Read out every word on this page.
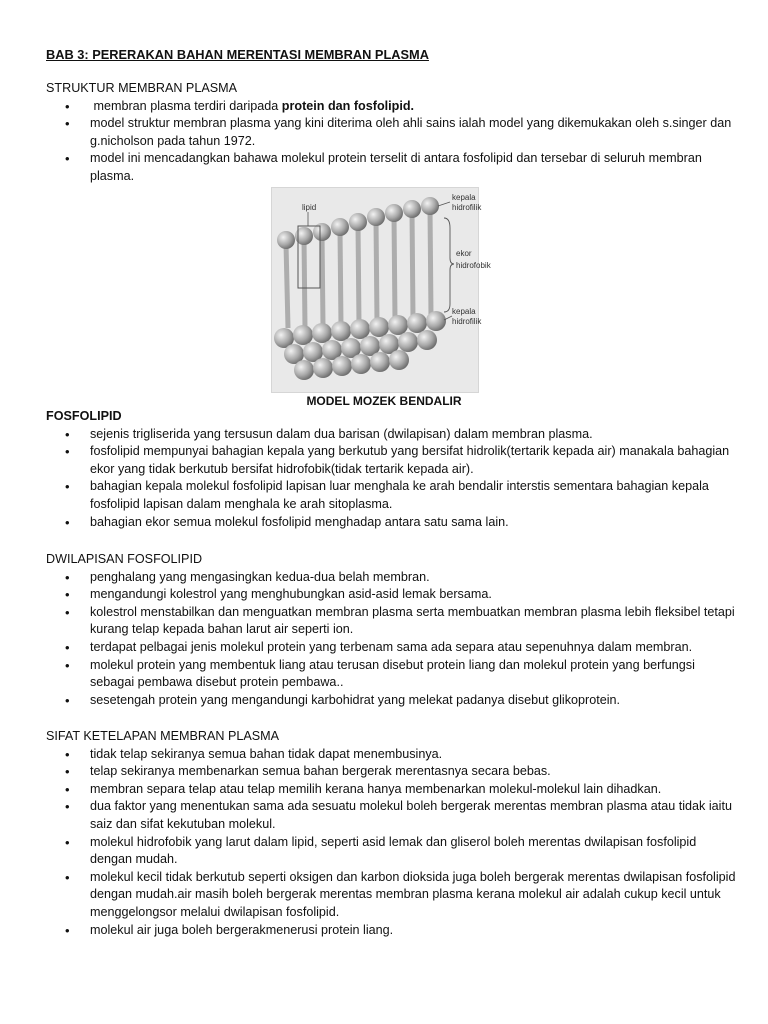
BAB 3: PERERAKAN BAHAN MERENTASI MEMBRAN PLASMA

STRUKTUR MEMBRAN PLASMA

• membran plasma terdiri daripada protein dan fosfolipid.
• model struktur membran plasma yang kini diterima oleh ahli sains ialah model yang dikemukakan oleh s.singer dan g.nicholson pada tahun 1972.
• model ini mencadangkan bahawa molekul protein terselit di antara fosfolipid dan tersebar di seluruh membran plasma.
lipid
kepala
hidrofilik
ekor
hidrofobik
kepala
hidrofilik
MODEL MOZEK BENDALIR

FOSFOLIPID

• sejenis trigliserida yang tersusun dalam dua barisan (dwilapisan) dalam membran plasma.
• fosfolipid mempunyai bahagian kepala yang berkutub yang bersifat hidrolik(tertarik kepada air) manakala bahagian ekor yang tidak berkutub bersifat hidrofobik(tidak tertarik kepada air).
• bahagian kepala molekul fosfolipid lapisan luar menghala ke arah bendalir interstis sementara bahagian kepala fosfolipid lapisan dalam menghala ke arah sitoplasma.
• bahagian ekor semua molekul fosfolipid menghadap antara satu sama lain.

DWILAPISAN FOSFOLIPID

• penghalang yang mengasingkan kedua-dua belah membran.
• mengandungi kolestrol yang menghubungkan asid-asid lemak bersama.
• kolestrol menstabilkan dan menguatkan membran plasma serta membuatkan membran plasma lebih fleksibel tetapi kurang telap kepada bahan larut air seperti ion.
• terdapat pelbagai jenis molekul protein yang terbenam sama ada separa atau sepenuhnya dalam membran.
• molekul protein yang membentuk liang atau terusan disebut protein liang dan molekul protein yang berfungsi sebagai pembawa disebut protein pembawa..
• sesetengah protein yang mengandungi karbohidrat yang melekat padanya disebut glikoprotein.

SIFAT KETELAPAN MEMBRAN PLASMA

• tidak telap sekiranya semua bahan tidak dapat menembusinya.
• telap sekiranya membenarkan semua bahan bergerak merentasnya secara bebas.
• membran separa telap atau telap memilih kerana hanya membenarkan molekul-molekul lain dihadkan.
• dua faktor yang menentukan sama ada sesuatu molekul boleh bergerak merentas membran plasma atau tidak iaitu saiz dan sifat kekutuban molekul.
• molekul hidrofobik yang larut dalam lipid, seperti asid lemak dan gliserol boleh merentas dwilapisan fosfolipid dengan mudah.
• molekul kecil tidak berkutub seperti oksigen dan karbon dioksida juga boleh bergerak merentas dwilapisan fosfolipid dengan mudah.air masih boleh bergerak merentas membran plasma kerana molekul air adalah cukup kecil untuk menggelongsor melalui dwilapisan fosfolipid.
• molekul air juga boleh bergerakmenerusi protein liang.
